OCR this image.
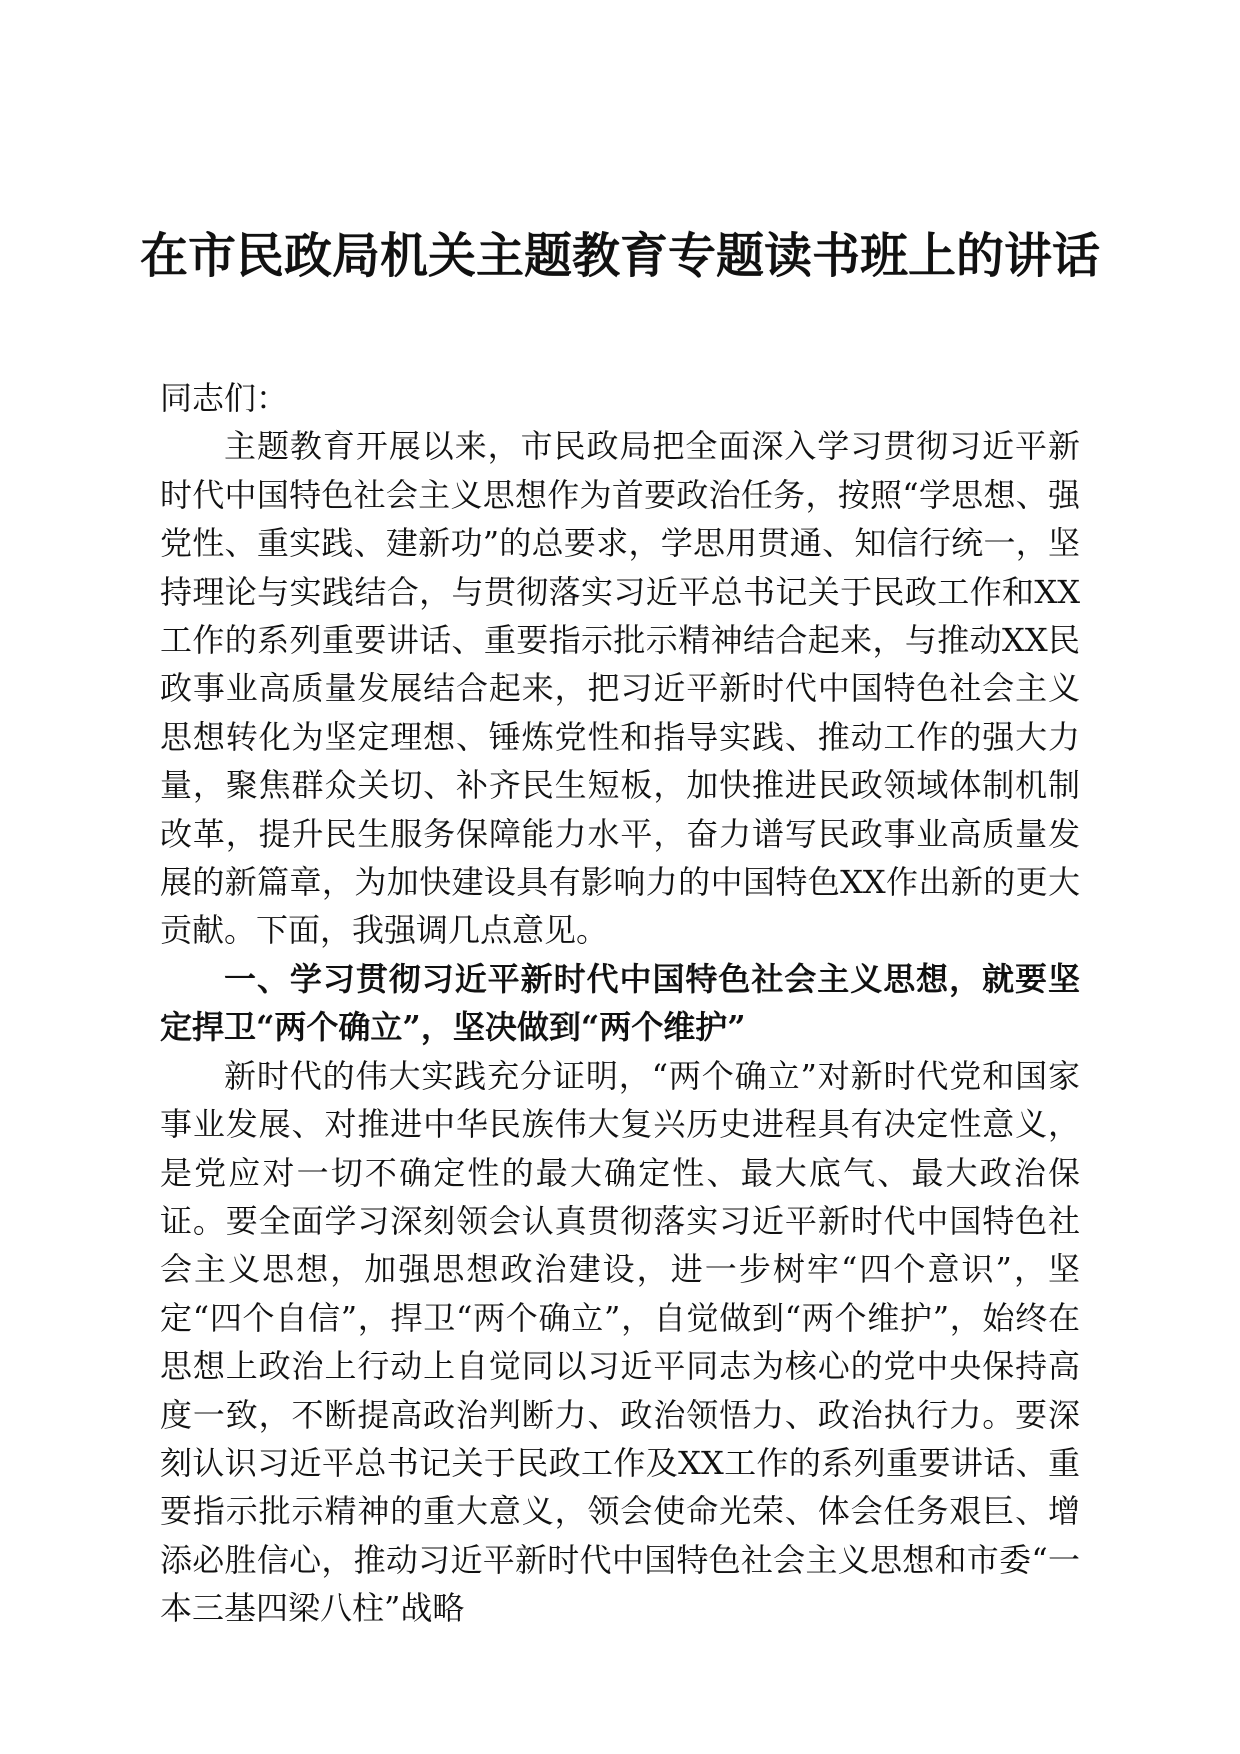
在市民政局机关主题教育专题读书班上的讲话

同志们：

主题教育开展以来，市民政局把全面深入学习贯彻习近平新时代中国特色社会主义思想作为首要政治任务，按照“学思想、强党性、重实践、建新功”的总要求，学思用贯通、知信行统一，坚持理论与实践结合，与贯彻落实习近平总书记关于民政工作和XX工作的系列重要讲话、重要指示批示精神结合起来，与推动XX民政事业高质量发展结合起来，把习近平新时代中国特色社会主义思想转化为坚定理想、锤炼党性和指导实践、推动工作的强大力量，聚焦群众关切、补齐民生短板，加快推进民政领域体制机制改革，提升民生服务保障能力水平，奋力谱写民政事业高质量发展的新篇章，为加快建设具有影响力的中国特色XX作出新的更大贡献。下面，我强调几点意见。

一、学习贯彻习近平新时代中国特色社会主义思想，就要坚定捍卫“两个确立”，坚决做到“两个维护”

新时代的伟大实践充分证明，“两个确立”对新时代党和国家事业发展、对推进中华民族伟大复兴历史进程具有决定性意义，是党应对一切不确定性的最大确定性、最大底气、最大政治保证。要全面学习深刻领会认真贯彻落实习近平新时代中国特色社会主义思想，加强思想政治建设，进一步树牢“四个意识”，坚定“四个自信”，捍卫“两个确立”，自觉做到“两个维护”，始终在思想上政治上行动上自觉同以习近平同志为核心的党中央保持高度一致，不断提高政治判断力、政治领悟力、政治执行力。要深刻认识习近平总书记关于民政工作及XX工作的系列重要讲话、重要指示批示精神的重大意义，领会使命光荣、体会任务艰巨、增添必胜信心，推动习近平新时代中国特色社会主义思想和市委“一本三基四梁八柱”战略
